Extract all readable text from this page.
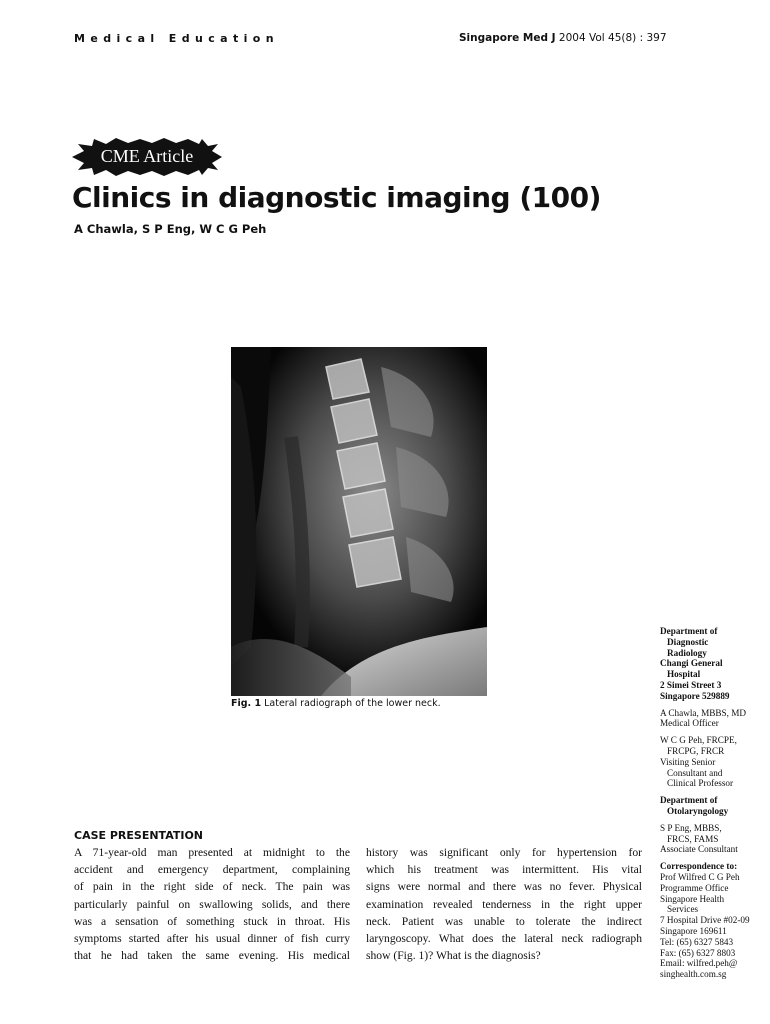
Medical Education	Singapore Med J 2004 Vol 45(8) : 397
CME Article
Clinics in diagnostic imaging (100)
A Chawla, S P Eng, W C G Peh
Fig. 1 Lateral radiograph of the lower neck.
Department of
Diagnostic
Radiology
Changi General
Hospital
2 Simei Street 3
Singapore 529889
A Chawla, MBBS, MD
Medical Officer
W C G Peh, FRCPE,
FRCPG, FRCR
Visiting Senior
Consultant and
Clinical Professor
Department of
Otolaryngology
S P Eng, MBBS,
FRCS, FAMS
Associate Consultant
Correspondence to:
Prof Wilfred C G Peh
Programme Office
Singapore Health
Services
7 Hospital Drive #02-09
Singapore 169611
Tel: (65) 6327 5843
Fax: (65) 6327 8803
Email: wilfred.peh@
singhealth.com.sg
CASE PRESENTATION
A 71-year-old man presented at midnight to the
accident and emergency department, complaining
of pain in the right side of neck. The pain was
particularly painful on swallowing solids, and there
was a sensation of something stuck in throat. His
symptoms started after his usual dinner of fish curry
that he had taken the same evening. His medical
history was significant only for hypertension for
which his treatment was intermittent. His vital
signs were normal and there was no fever. Physical
examination revealed tenderness in the right upper
neck. Patient was unable to tolerate the indirect
laryngoscopy. What does the lateral neck radiograph
show (Fig. 1)? What is the diagnosis?
